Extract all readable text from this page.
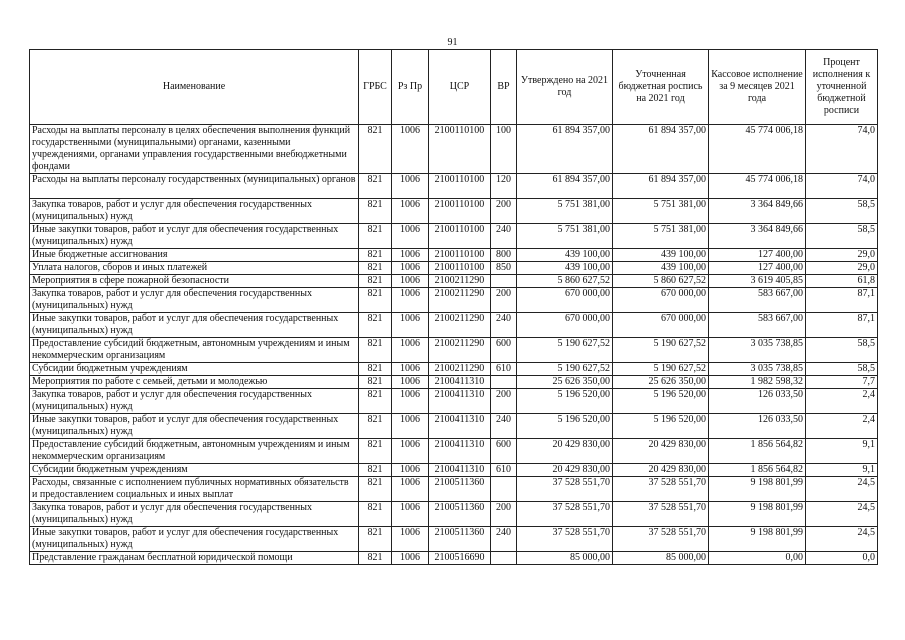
91
Наименование	ГРБС	Рз Пр	ЦСР	ВР	Утверждено на 2021 год	Уточненная бюджетная роспись на 2021 год	Кассовое исполнение за 9 месяцев 2021 года	Процент исполнения к уточненной бюджетной росписи
Расходы на выплаты персоналу в целях обеспечения выполнения функций государственными (муниципальными) органами, казенными учреждениями, органами управления государственными внебюджетными фондами	821	1006	2100110100	100	61 894 357,00	61 894 357,00	45 774 006,18	74,0
Расходы на выплаты персоналу государственных (муниципальных) органов	821	1006	2100110100	120	61 894 357,00	61 894 357,00	45 774 006,18	74,0
Закупка товаров, работ и услуг для обеспечения государственных (муниципальных) нужд	821	1006	2100110100	200	5 751 381,00	5 751 381,00	3 364 849,66	58,5
Иные закупки товаров, работ и услуг для обеспечения государственных (муниципальных) нужд	821	1006	2100110100	240	5 751 381,00	5 751 381,00	3 364 849,66	58,5
Иные бюджетные ассигнования	821	1006	2100110100	800	439 100,00	439 100,00	127 400,00	29,0
Уплата налогов, сборов и иных платежей	821	1006	2100110100	850	439 100,00	439 100,00	127 400,00	29,0
Мероприятия в сфере пожарной безопасности	821	1006	2100211290		5 860 627,52	5 860 627,52	3 619 405,85	61,8
Закупка товаров, работ и услуг для обеспечения государственных (муниципальных) нужд	821	1006	2100211290	200	670 000,00	670 000,00	583 667,00	87,1
Иные закупки товаров, работ и услуг для обеспечения государственных (муниципальных) нужд	821	1006	2100211290	240	670 000,00	670 000,00	583 667,00	87,1
Предоставление субсидий бюджетным, автономным учреждениям и иным некоммерческим организациям	821	1006	2100211290	600	5 190 627,52	5 190 627,52	3 035 738,85	58,5
Субсидии бюджетным учреждениям	821	1006	2100211290	610	5 190 627,52	5 190 627,52	3 035 738,85	58,5
Мероприятия по работе с семьей, детьми и молодежью	821	1006	2100411310		25 626 350,00	25 626 350,00	1 982 598,32	7,7
Закупка товаров, работ и услуг для обеспечения государственных (муниципальных) нужд	821	1006	2100411310	200	5 196 520,00	5 196 520,00	126 033,50	2,4
Иные закупки товаров, работ и услуг для обеспечения государственных (муниципальных) нужд	821	1006	2100411310	240	5 196 520,00	5 196 520,00	126 033,50	2,4
Предоставление субсидий бюджетным, автономным учреждениям и иным некоммерческим организациям	821	1006	2100411310	600	20 429 830,00	20 429 830,00	1 856 564,82	9,1
Субсидии бюджетным учреждениям	821	1006	2100411310	610	20 429 830,00	20 429 830,00	1 856 564,82	9,1
Расходы, связанные с исполнением публичных нормативных обязательств и предоставлением социальных и иных выплат	821	1006	2100511360		37 528 551,70	37 528 551,70	9 198 801,99	24,5
Закупка товаров, работ и услуг для обеспечения государственных (муниципальных) нужд	821	1006	2100511360	200	37 528 551,70	37 528 551,70	9 198 801,99	24,5
Иные закупки товаров, работ и услуг для обеспечения государственных (муниципальных) нужд	821	1006	2100511360	240	37 528 551,70	37 528 551,70	9 198 801,99	24,5
Представление гражданам бесплатной юридической помощи	821	1006	2100516690		85 000,00	85 000,00	0,00	0,0
